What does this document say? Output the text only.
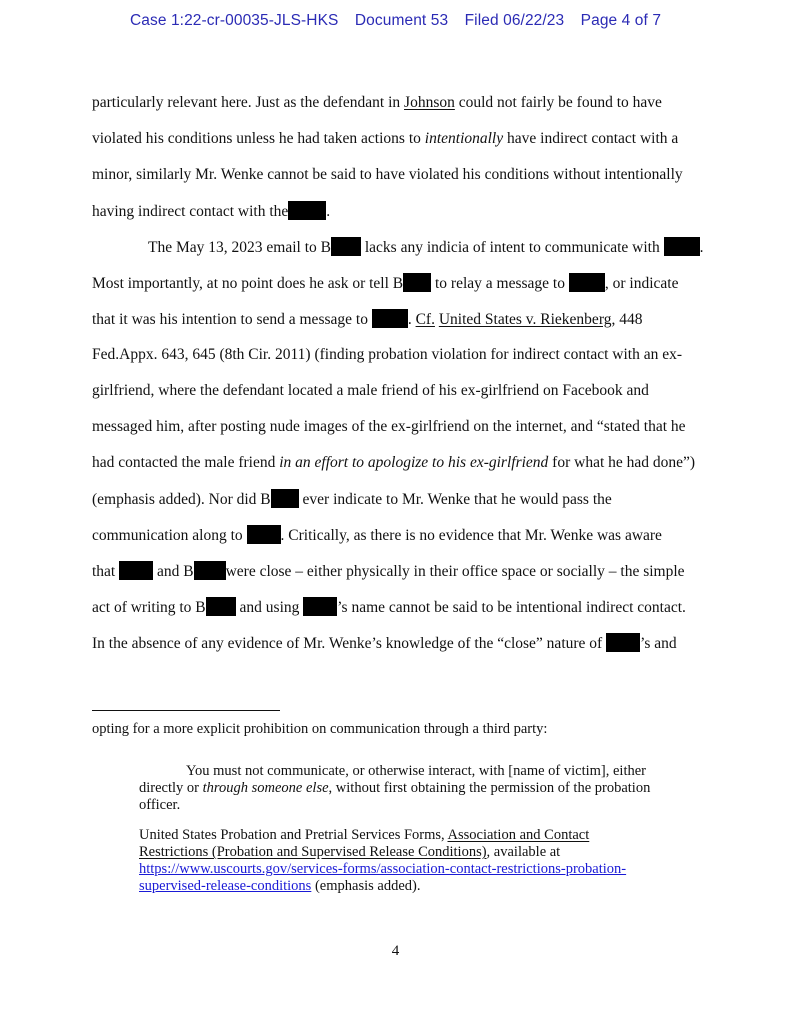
Case 1:22-cr-00035-JLS-HKS Document 53 Filed 06/22/23 Page 4 of 7
particularly relevant here. Just as the defendant in Johnson could not fairly be found to have
violated his conditions unless he had taken actions to intentionally have indirect contact with a
minor, similarly Mr. Wenke cannot be said to have violated his conditions without intentionally
having indirect contact with the .
The May 13, 2023 email to B lacks any indicia of intent to communicate with	.
Most importantly, at no point does he ask or tell B to relay a message to	, or indicate
that it was his intention to send a message to	. Cf. United States v. Riekenberg, 448
Fed.Appx. 643, 645 (8th Cir. 2011) (finding probation violation for indirect contact with an ex-
girlfriend, where the defendant located a male friend of his ex-girlfriend on Facebook and
messaged him, after posting nude images of the ex-girlfriend on the internet, and “stated that he
had contacted the male friend in an effort to apologize to his ex-girlfriend for what he had done”)
(emphasis added). Nor did B ever indicate to Mr. Wenke that he would pass the
communication along to . Critically, as there is no evidence that Mr. Wenke was aware
that  and B were close – either physically in their office space or socially – the simple
act of writing to B and using ’s name cannot be said to be intentional indirect contact.
In the absence of any evidence of Mr. Wenke’s knowledge of the “close” nature of ’s and
opting for a more explicit prohibition on communication through a third party:
You must not communicate, or otherwise interact, with [name of victim], either
directly or through someone else, without first obtaining the permission of the probation
officer.
United States Probation and Pretrial Services Forms, Association and Contact
Restrictions (Probation and Supervised Release Conditions), available at
https://www.uscourts.gov/services-forms/association-contact-restrictions-probation-
supervised-release-conditions (emphasis added).
4
